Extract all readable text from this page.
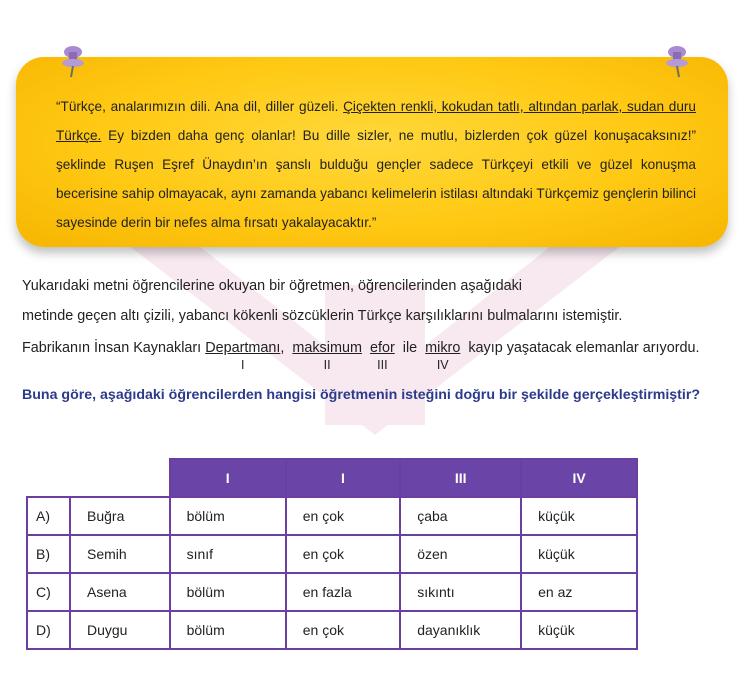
“Türkçe, analarımızın dili. Ana dil, diller güzeli. Çiçekten renkli, kokudan tatlı, altından parlak, sudan duru Türkçe. Ey bizden daha genç olanlar! Bu dille sizler, ne mutlu, bizlerden çok güzel konuşacaksınız!” şeklinde Ruşen Eşref Ünaydın’ın şanslı bulduğu gençler sadece Türkçeyi etkili ve güzel konuşma becerisine sahip olmayacak, aynı zamanda yabancı kelimelerin istilası altındaki Türkçemiz gençlerin bilinci sayesinde derin bir nefes alma fırsatı yakalayacaktır.”
Yukarıdaki metni öğrencilerine okuyan bir öğretmen, öğrencilerinden aşağıdaki
metinde geçen altı çizili, yabancı kökenli sözcüklerin Türkçe karşılıklarını bulmalarını istemiştir.
Fabrikanın İnsan Kaynakları Departmanı
I
,  maksimum
II
efor
III
ile  mikro
IV
kayıp yaşatacak elemanlar arıyordu.
Buna göre, aşağıdaki öğrencilerden hangisi öğretmenin isteğini doğru bir şekilde gerçekleştirmiştir?
		I	I	III	IV
A)	Buğra	bölüm	en çok	çaba	küçük
B)	Semih	sınıf	en çok	özen	küçük
C)	Asena	bölüm	en fazla	sıkıntı	en az
D)	Duygu	bölüm	en çok	dayanıklık	küçük
